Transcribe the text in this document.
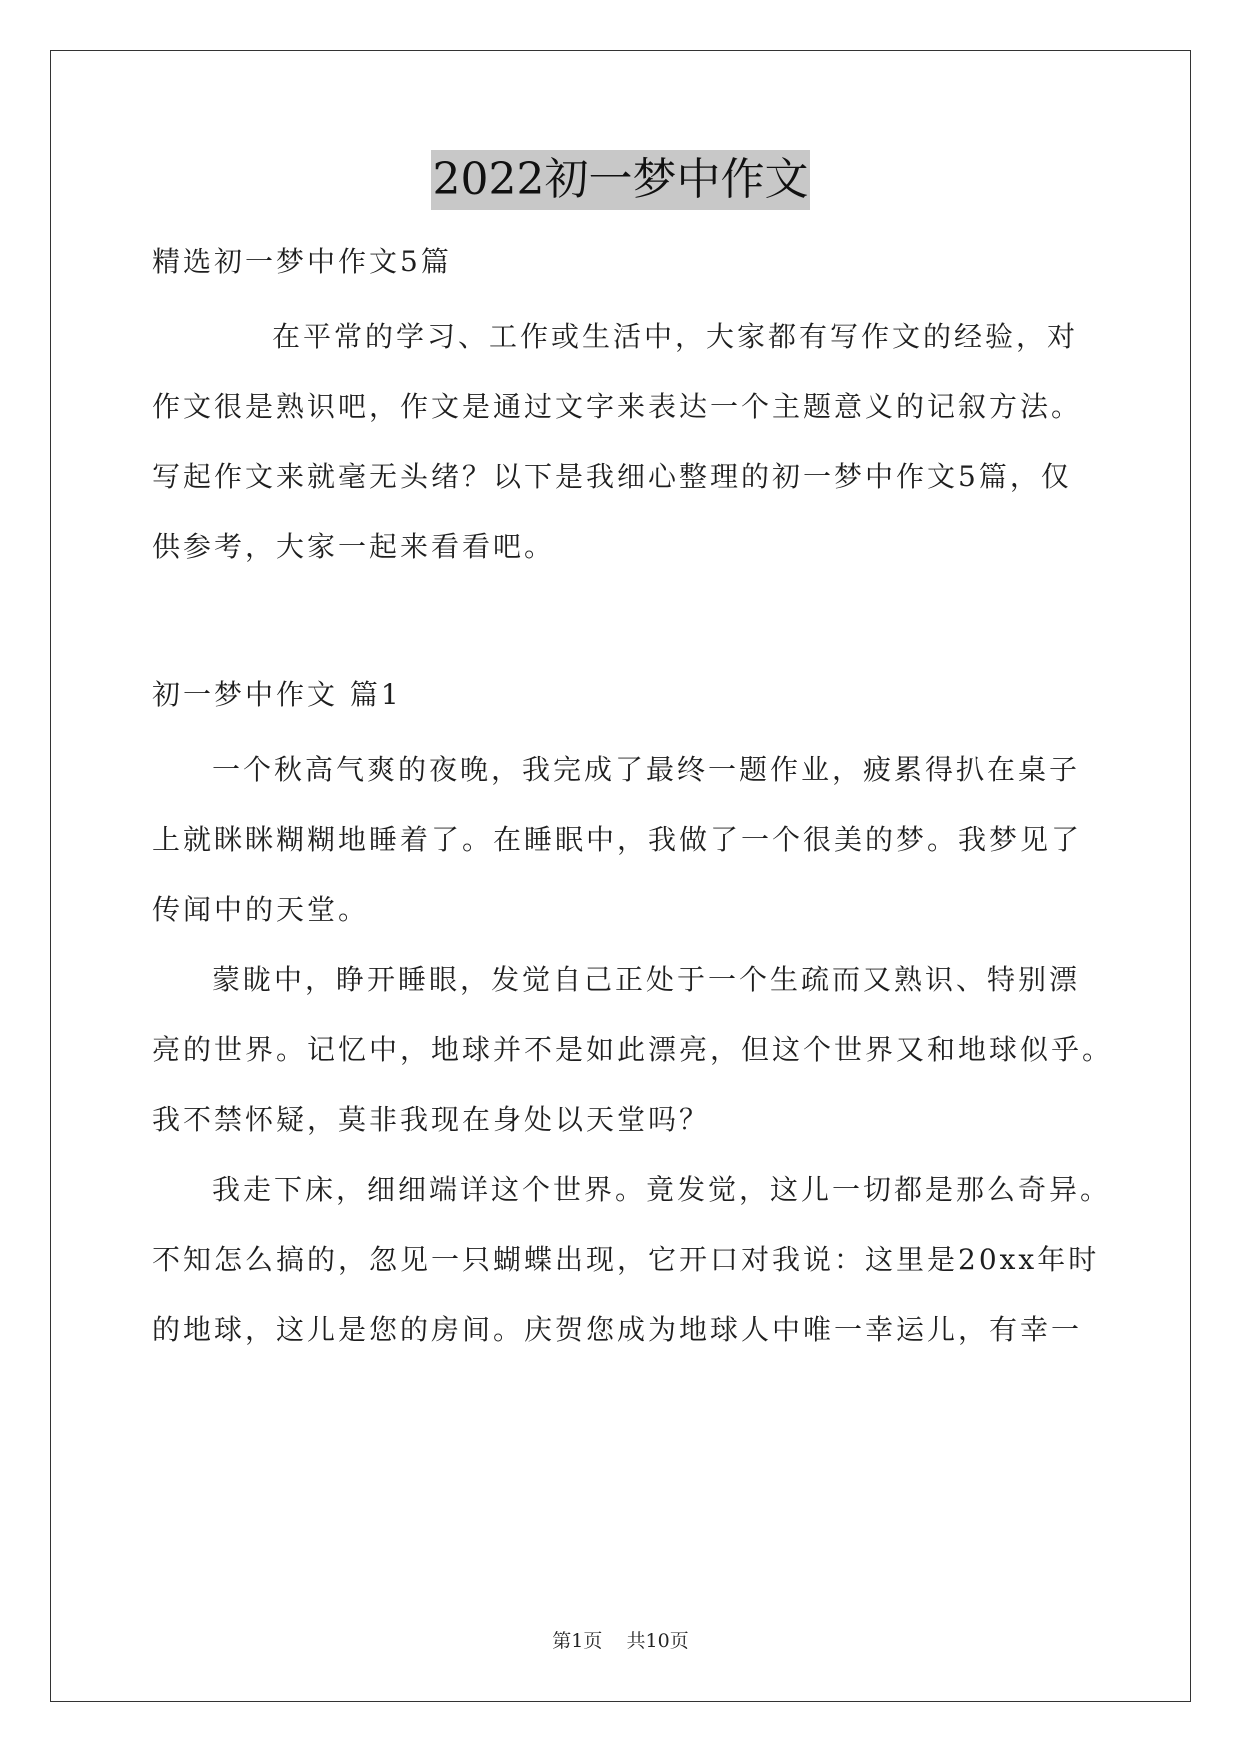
2022初一梦中作文
精选初一梦中作文5篇
在平常的学习、工作或生活中，大家都有写作文的经验，对
作文很是熟识吧，作文是通过文字来表达一个主题意义的记叙方法。
写起作文来就毫无头绪？以下是我细心整理的初一梦中作文5篇，仅
供参考，大家一起来看看吧。
初一梦中作文 篇1
一个秋高气爽的夜晚，我完成了最终一题作业，疲累得扒在桌子
上就眯眯糊糊地睡着了。在睡眠中，我做了一个很美的梦。我梦见了
传闻中的天堂。
蒙眬中，睁开睡眼，发觉自己正处于一个生疏而又熟识、特别漂
亮的世界。记忆中，地球并不是如此漂亮，但这个世界又和地球似乎。
我不禁怀疑，莫非我现在身处以天堂吗？
我走下床，细细端详这个世界。竟发觉，这儿一切都是那么奇异。
不知怎么搞的，忽见一只蝴蝶出现，它开口对我说：这里是20xx年时
的地球，这儿是您的房间。庆贺您成为地球人中唯一幸运儿，有幸一
第1页 共10页
